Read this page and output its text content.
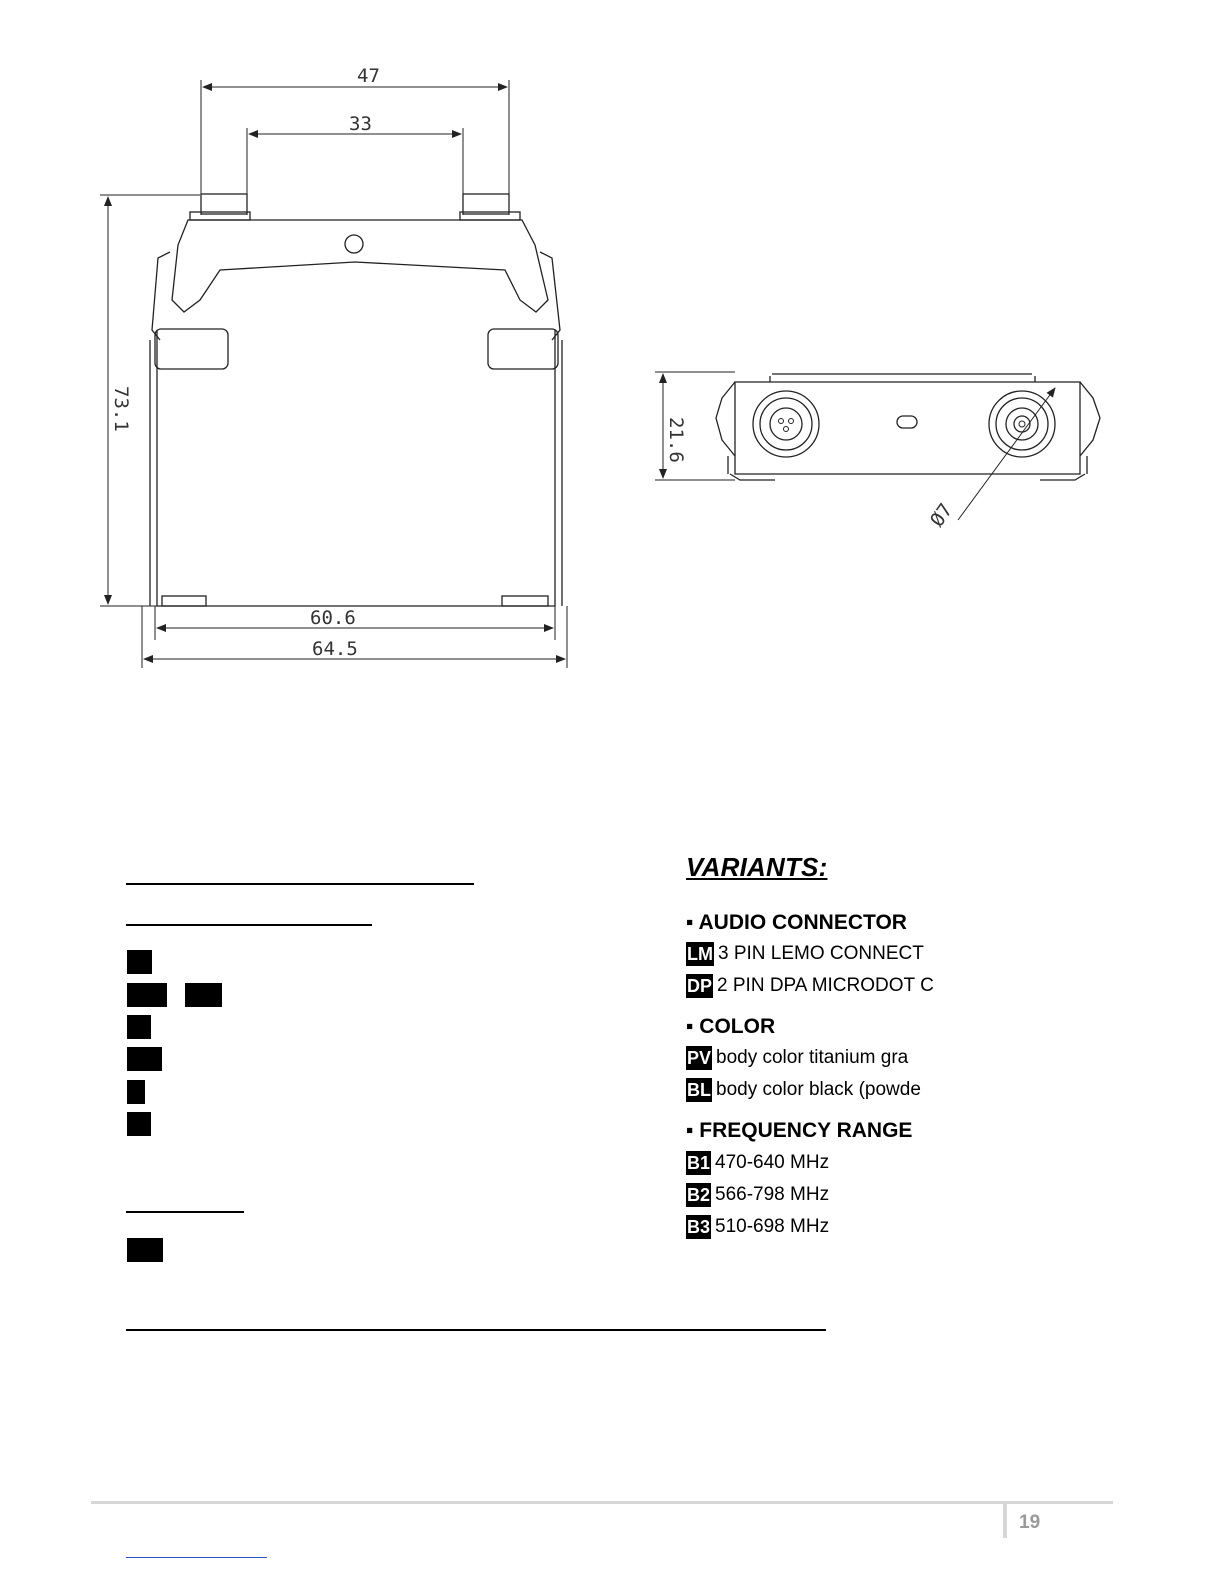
47
33
73.1
60.6
64.5
Ø7
21.6
VARIANTS:

▪ AUDIO CONNECTOR

LM 3 PIN LEMO CONNECT
DP 2 PIN DPA MICRODOT C

▪ COLOR

PV body color titanium gra
BL body color black (powde

▪ FREQUENCY RANGE

B1 470-640 MHz
B2 566-798 MHz
B3 510-698 MHz
19
